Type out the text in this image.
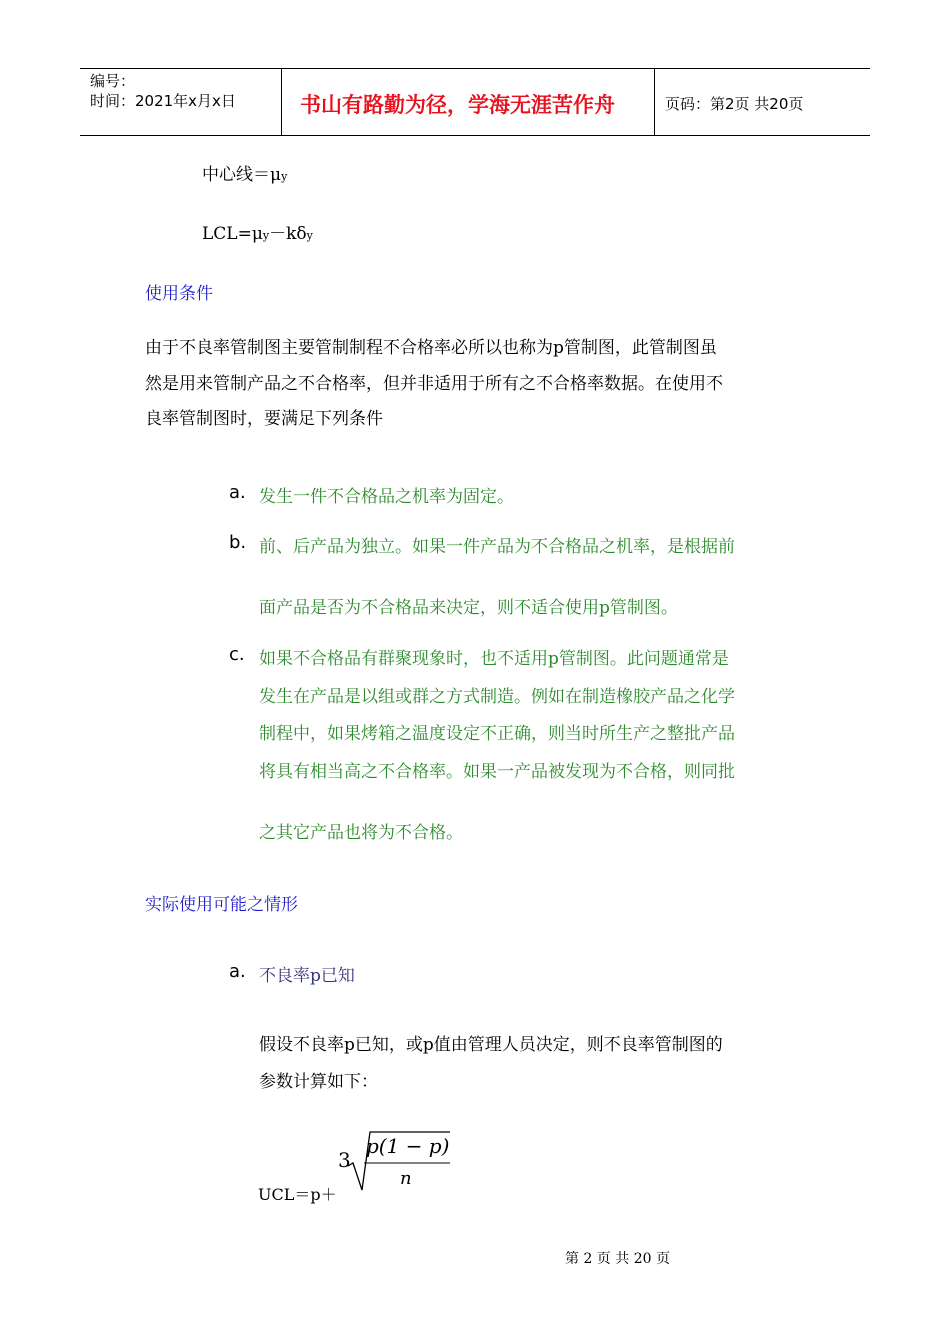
编号：
时间：2021年x月x日	书山有路勤为径，学海无涯苦作舟	页码：第2页 共20页
中心线＝μy
LCL=μy－kδy
使用条件
由于不良率管制图主要管制制程不合格率必所以也称为p管制图，此管制图虽
然是用来管制产品之不合格率，但并非适用于所有之不合格率数据。在使用不
良率管制图时，要满足下列条件
a. 发生一件不合格品之机率为固定。
b. 前、后产品为独立。如果一件产品为不合格品之机率，是根据前
面产品是否为不合格品来决定，则不适合使用p管制图。
c. 如果不合格品有群聚现象时，也不适用p管制图。此问题通常是
发生在产品是以组或群之方式制造。例如在制造橡胶产品之化学
制程中，如果烤箱之温度设定不正确，则当时所生产之整批产品
将具有相当高之不合格率。如果一产品被发现为不合格，则同批
之其它产品也将为不合格。
实际使用可能之情形
a. 不良率p已知
假设不良率p已知，或p值由管理人员决定，则不良率管制图的
参数计算如下：
UCL＝p＋
3
p(1 − p)
n
第 2 页 共 20 页
